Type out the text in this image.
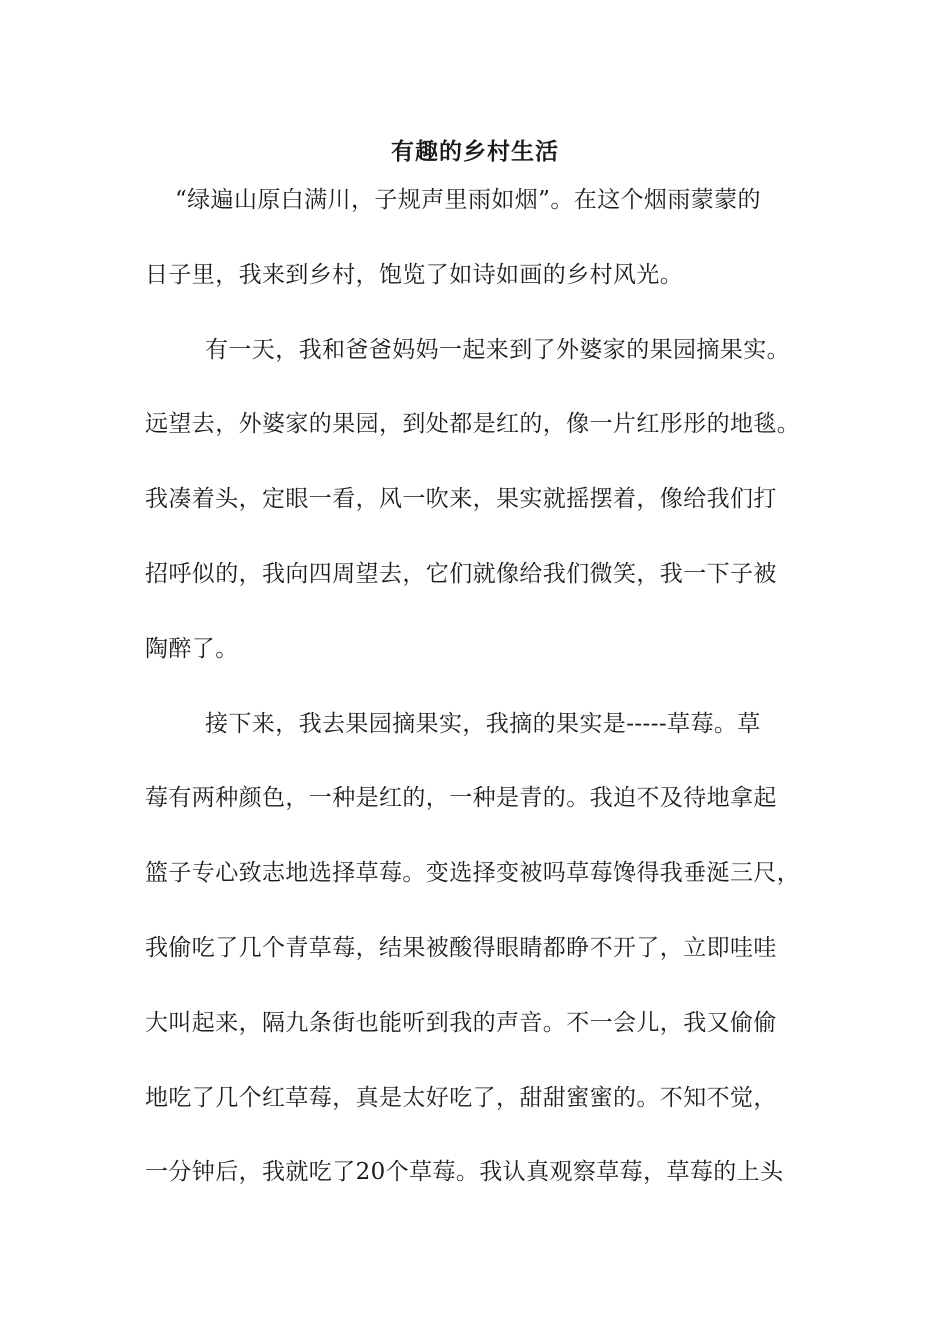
有趣的乡村生活
“绿遍山原白满川，子规声里雨如烟”。在这个烟雨蒙蒙的
日子里，我来到乡村，饱览了如诗如画的乡村风光。
有一天，我和爸爸妈妈一起来到了外婆家的果园摘果实。
远望去，外婆家的果园，到处都是红的，像一片红彤彤的地毯。
我凑着头，定眼一看，风一吹来，果实就摇摆着，像给我们打
招呼似的，我向四周望去，它们就像给我们微笑，我一下子被
陶醉了。
接下来，我去果园摘果实，我摘的果实是-----草莓。草
莓有两种颜色，一种是红的，一种是青的。我迫不及待地拿起
篮子专心致志地选择草莓。变选择变被吗草莓馋得我垂涎三尺，
我偷吃了几个青草莓，结果被酸得眼睛都睁不开了，立即哇哇
大叫起来，隔九条街也能听到我的声音。不一会儿，我又偷偷
地吃了几个红草莓，真是太好吃了，甜甜蜜蜜的。不知不觉，
一分钟后，我就吃了20个草莓。我认真观察草莓，草莓的上头
